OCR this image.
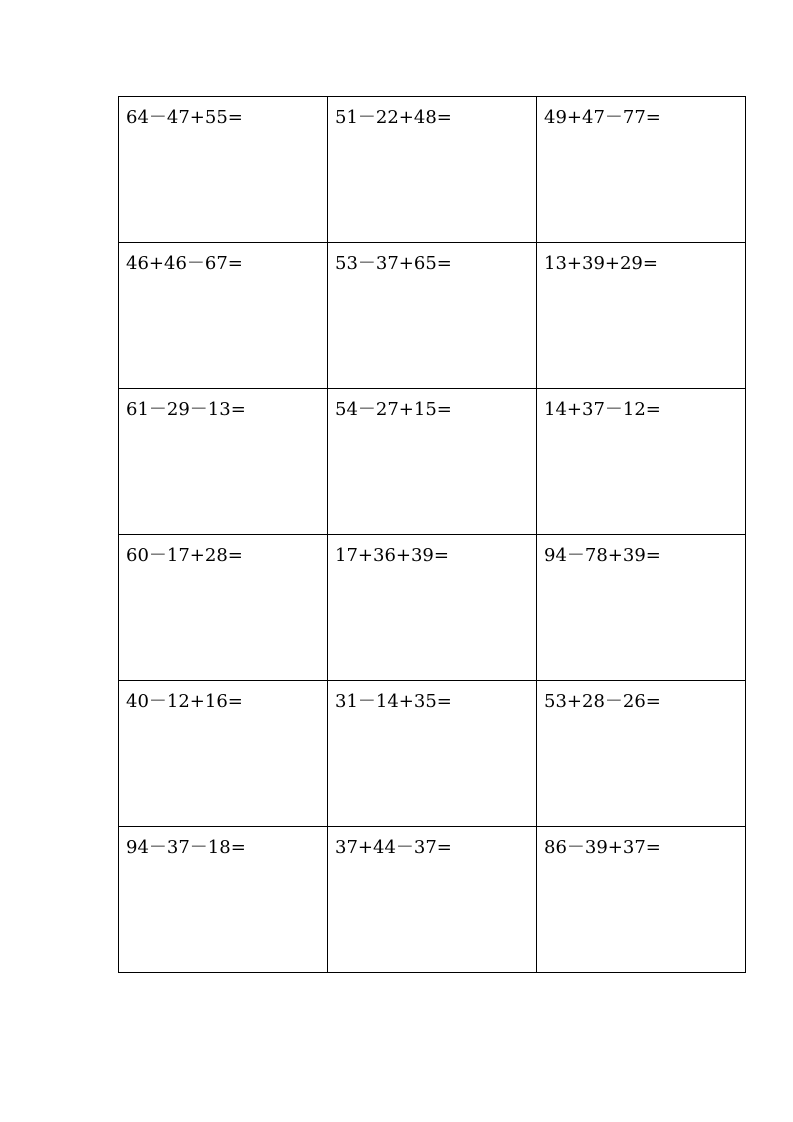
64－47+55=	51－22+48=	49+47－77=
46+46－67=	53－37+65=	13+39+29=
61－29－13=	54－27+15=	14+37－12=
60－17+28=	17+36+39=	94－78+39=
40－12+16=	31－14+35=	53+28－26=
94－37－18=	37+44－37=	86－39+37=
